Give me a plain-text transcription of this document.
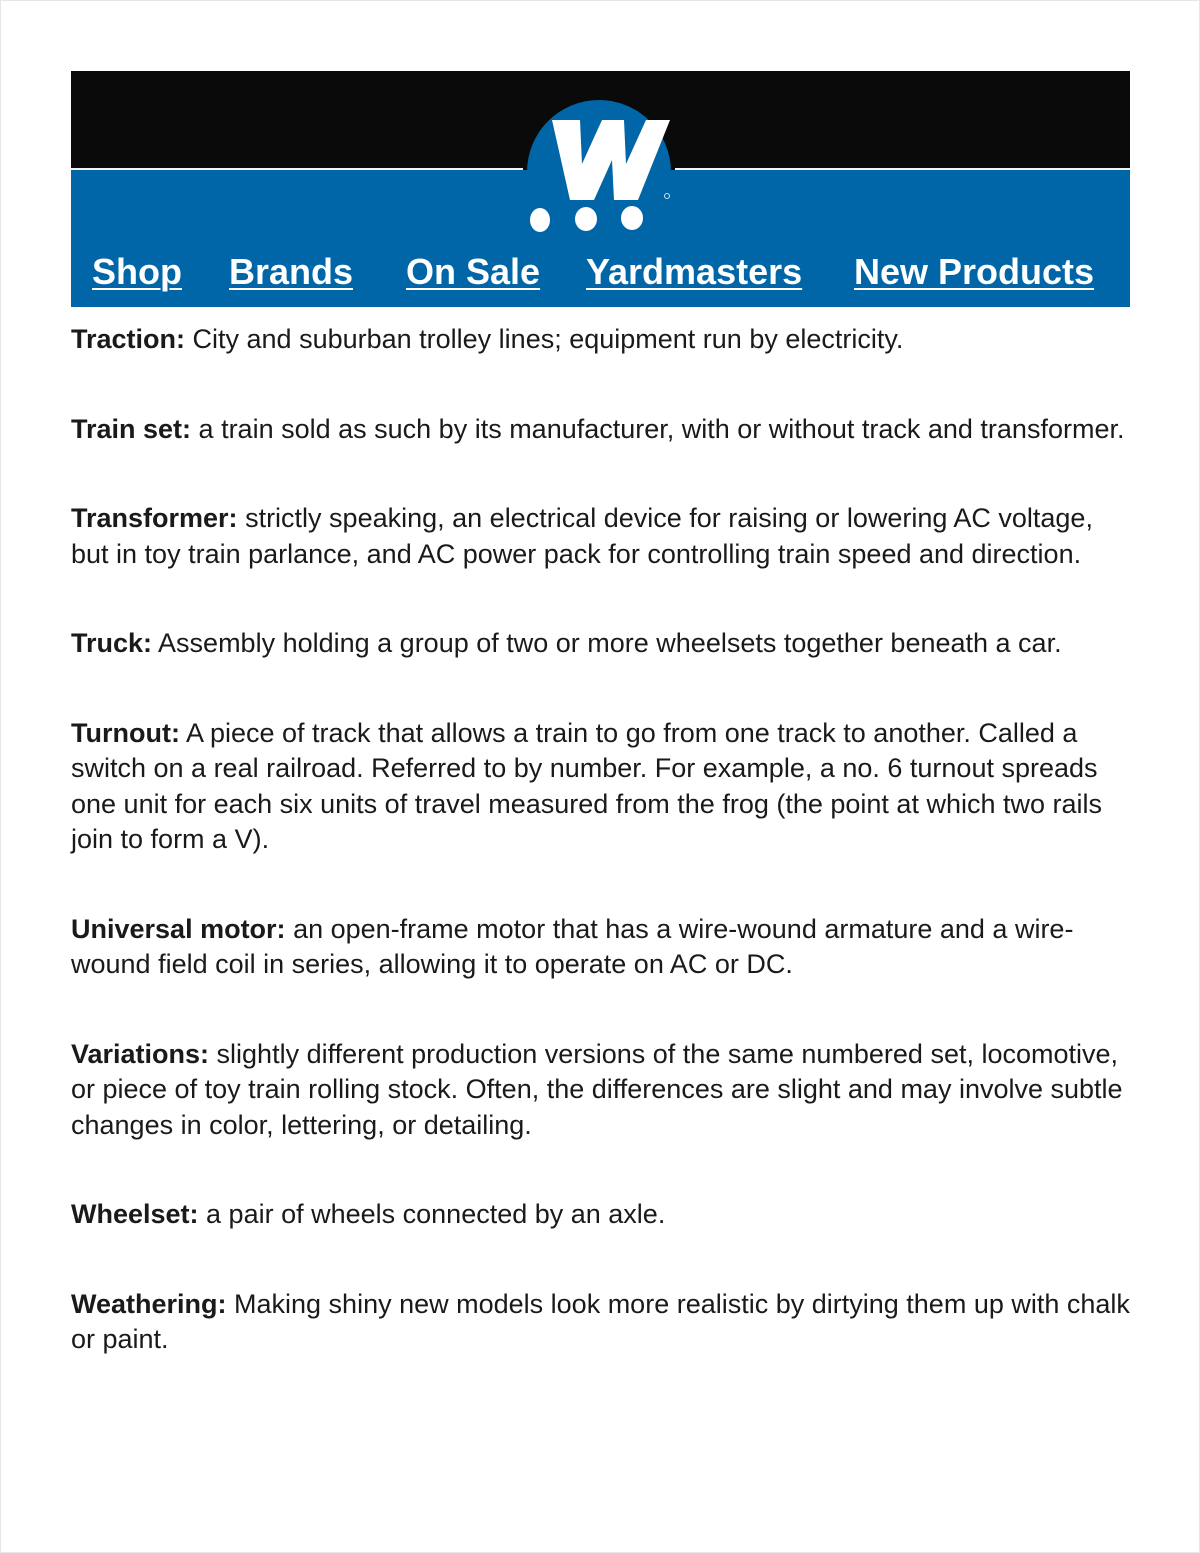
Shop Brands On Sale Yardmasters New Products

Traction: City and suburban trolley lines; equipment run by electricity.

Train set: a train sold as such by its manufacturer, with or without track and transformer.

Transformer: strictly speaking, an electrical device for raising or lowering AC voltage, but in toy train parlance, and AC power pack for controlling train speed and direction.

Truck: Assembly holding a group of two or more wheelsets together beneath a car.

Turnout: A piece of track that allows a train to go from one track to another. Called a switch on a real railroad. Referred to by number. For example, a no. 6 turnout spreads one unit for each six units of travel measured from the frog (the point at which two rails join to form a V).

Universal motor: an open-frame motor that has a wire-wound armature and a wire-wound field coil in series, allowing it to operate on AC or DC.

Variations: slightly different production versions of the same numbered set, locomotive, or piece of toy train rolling stock. Often, the differences are slight and may involve subtle changes in color, lettering, or detailing.

Wheelset: a pair of wheels connected by an axle.

Weathering: Making shiny new models look more realistic by dirtying them up with chalk or paint.
